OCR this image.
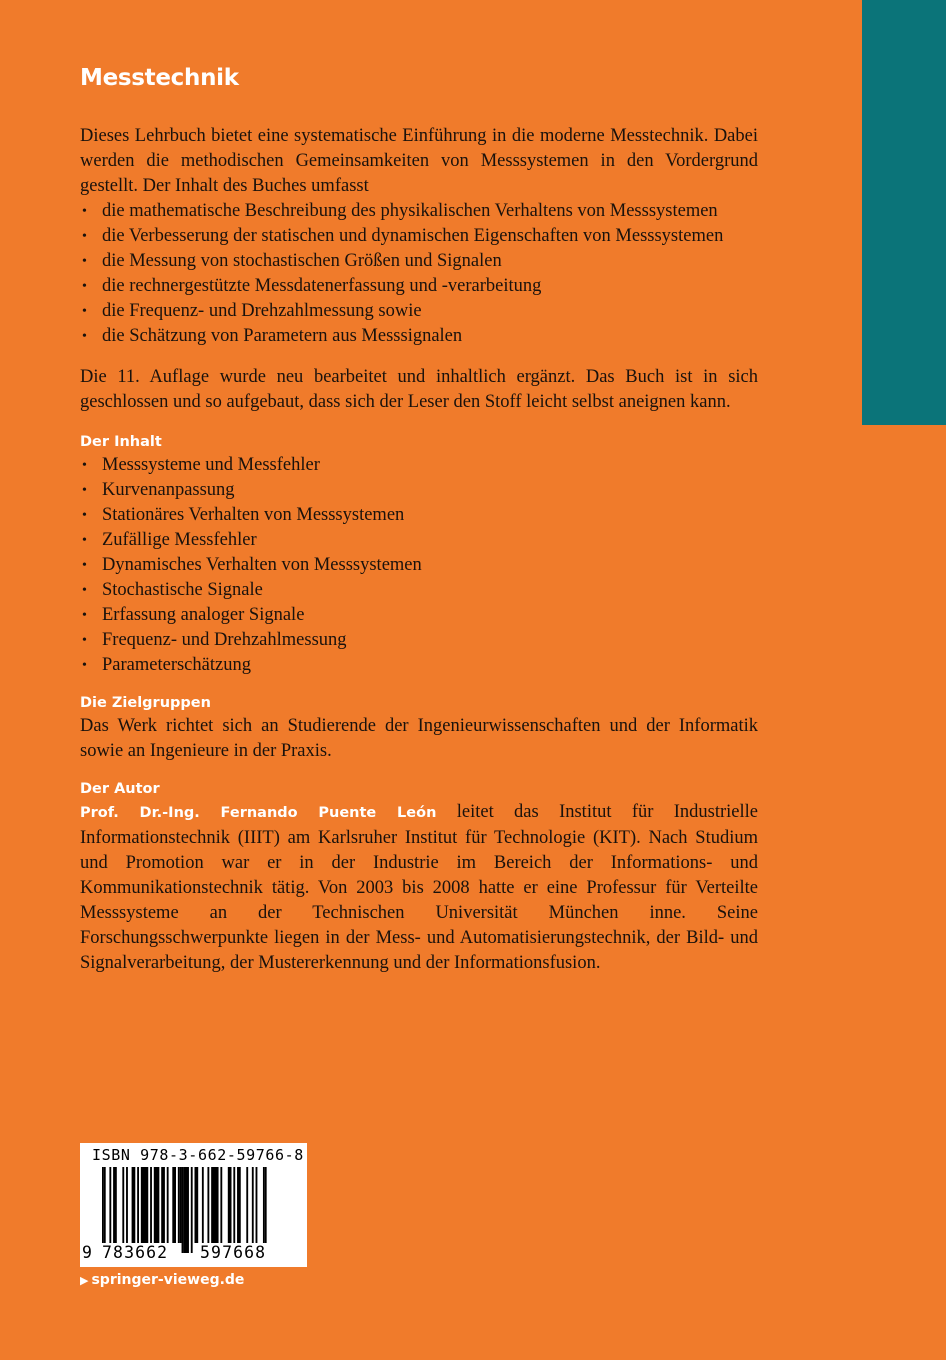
Messtechnik

Dieses Lehrbuch bietet eine systematische Einführung in die moderne Messtechnik. Dabei werden die methodischen Gemeinsamkeiten von Messsystemen in den Vordergrund gestellt. Der Inhalt des Buches umfasst

• die mathematische Beschreibung des physikalischen Verhaltens von Messsystemen
• die Verbesserung der statischen und dynamischen Eigenschaften von Messsystemen
• die Messung von stochastischen Größen und Signalen
• die rechnergestützte Messdatenerfassung und -verarbeitung
• die Frequenz- und Drehzahlmessung sowie
• die Schätzung von Parametern aus Messsignalen

Die 11. Auflage wurde neu bearbeitet und inhaltlich ergänzt. Das Buch ist in sich geschlossen und so aufgebaut, dass sich der Leser den Stoff leicht selbst aneignen kann.

Der Inhalt
• Messsysteme und Messfehler
• Kurvenanpassung
• Stationäres Verhalten von Messsystemen
• Zufällige Messfehler
• Dynamisches Verhalten von Messsystemen
• Stochastische Signale
• Erfassung analoger Signale
• Frequenz- und Drehzahlmessung
• Parameterschätzung
Die Zielgruppen

Das Werk richtet sich an Studierende der Ingenieurwissenschaften und der Informatik sowie an Ingenieure in der Praxis.

Der Autor

Prof. Dr.-Ing. Fernando Puente León leitet das Institut für Industrielle Informationstechnik (IIIT) am Karlsruher Institut für Technologie (KIT). Nach Studium und Promotion war er in der Industrie im Bereich der Informations- und Kommunikationstechnik tätig. Von 2003 bis 2008 hatte er eine Professur für Verteilte Messsysteme an der Technischen Universität München inne. Seine Forschungsschwerpunkte liegen in der Mess- und Automatisierungstechnik, der Bild- und Signalverarbeitung, der Mustererkennung und der Informationsfusion.

ISBN 978-3-662-59766-8
9 783662 597668
▶ springer-vieweg.de
